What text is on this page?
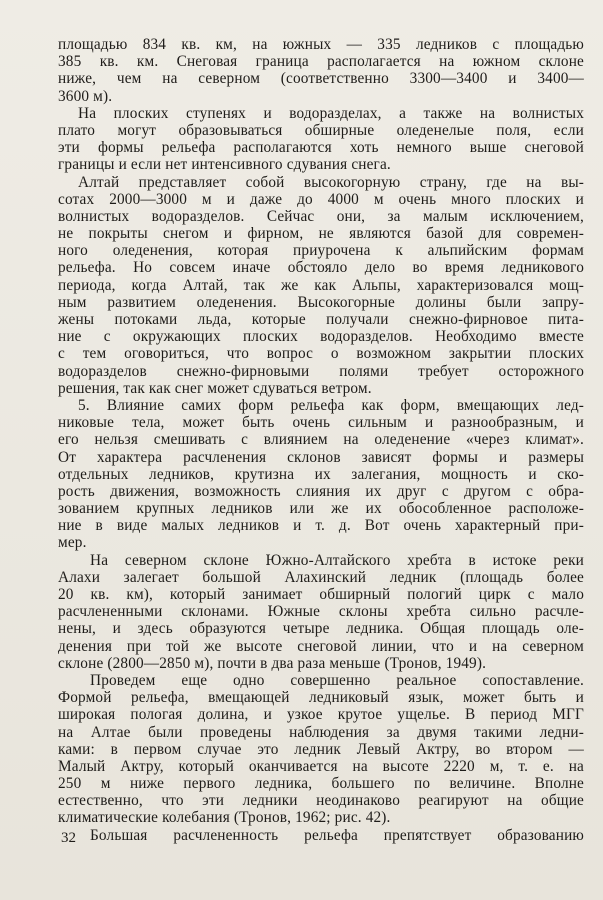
площадью 834 кв. км, на южных — 335 ледников с площадью
385 кв. км. Снеговая граница располагается на южном склоне
ниже, чем на северном (соответственно 3300—3400 и 3400—
3600 м).
На плоских ступенях и водоразделах, а также на волнистых
плато могут образовываться обширные оледенелые поля, если
эти формы рельефа располагаются хоть немного выше снеговой
границы и если нет интенсивного сдувания снега.
Алтай представляет собой высокогорную страну, где на вы-
сотах 2000—3000 м и даже до 4000 м очень много плоских и
волнистых водоразделов. Сейчас они, за малым исключением,
не покрыты снегом и фирном, не являются базой для современ-
ного оледенения, которая приурочена к альпийским формам
рельефа. Но совсем иначе обстояло дело во время ледникового
периода, когда Алтай, так же как Альпы, характеризовался мощ-
ным развитием оледенения. Высокогорные долины были запру-
жены потоками льда, которые получали снежно-фирновое пита-
ние с окружающих плоских водоразделов. Необходимо вместе
с тем оговориться, что вопрос о возможном закрытии плоских
водоразделов снежно-фирновыми полями требует осторожного
решения, так как снег может сдуваться ветром.
5. Влияние самих форм рельефа как форм, вмещающих лед-
никовые тела, может быть очень сильным и разнообразным, и
его нельзя смешивать с влиянием на оледенение «через климат».
От характера расчленения склонов зависят формы и размеры
отдельных ледников, крутизна их залегания, мощность и ско-
рость движения, возможность слияния их друг с другом с обра-
зованием крупных ледников или же их обособленное расположе-
ние в виде малых ледников и т. д. Вот очень характерный при-
мер.
На северном склоне Южно-Алтайского хребта в истоке реки
Алахи залегает большой Алахинский ледник (площадь более
20 кв. км), который занимает обширный пологий цирк с мало
расчлененными склонами. Южные склоны хребта сильно расчле-
нены, и здесь образуются четыре ледника. Общая площадь оле-
денения при той же высоте снеговой линии, что и на северном
склоне (2800—2850 м), почти в два раза меньше (Тронов, 1949).
Проведем еще одно совершенно реальное сопоставление.
Формой рельефа, вмещающей ледниковый язык, может быть и
широкая пологая долина, и узкое крутое ущелье. В период МГГ
на Алтае были проведены наблюдения за двумя такими ледни-
ками: в первом случае это ледник Левый Актру, во втором —
Малый Актру, который оканчивается на высоте 2220 м, т. е. на
250 м ниже первого ледника, большего по величине. Вполне
естественно, что эти ледники неодинаково реагируют на общие
климатические колебания (Тронов, 1962; рис. 42).
Большая расчлененность рельефа препятствует образованию
32
